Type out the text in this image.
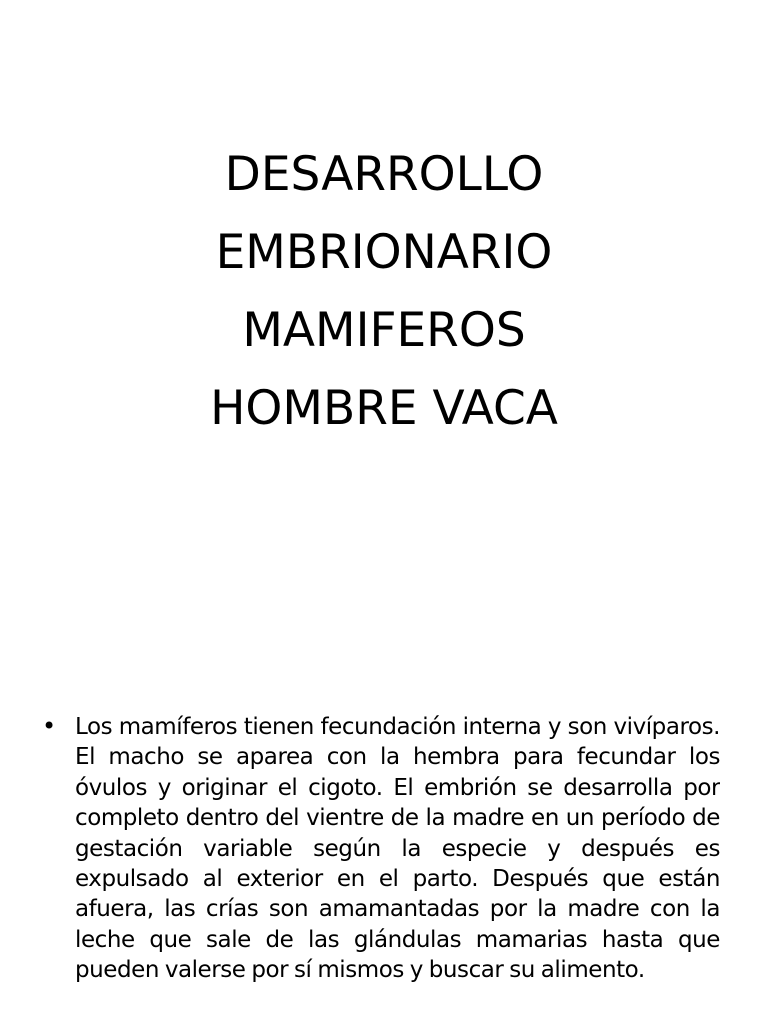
DESARROLLO
EMBRIONARIO
MAMIFEROS
HOMBRE VACA
• Los mamíferos tienen fecundación interna y son vivíparos. El macho se aparea con la hembra para fecundar los óvulos y originar el cigoto. El embrión se desarrolla por completo dentro del vientre de la madre en un período de gestación variable según la especie y después es expulsado al exterior en el parto. Después que están afuera, las crías son amamantadas por la madre con la leche que sale de las glándulas mamarias hasta que pueden valerse por sí mismos y buscar su alimento.
